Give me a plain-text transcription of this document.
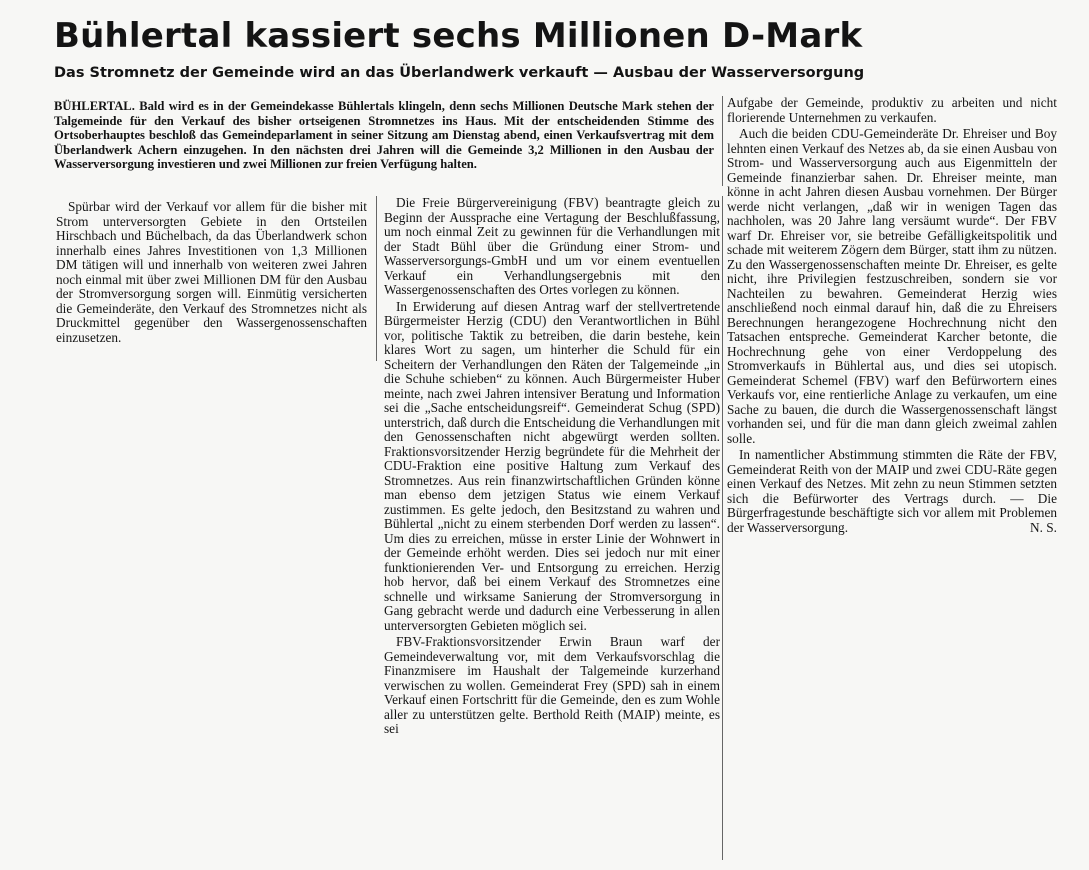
Bühlertal kassiert sechs Millionen D-Mark
Das Stromnetz der Gemeinde wird an das Überlandwerk verkauft — Ausbau der Wasserversorgung

BÜHLERTAL. Bald wird es in der Gemeindekasse Bühlertals klingeln, denn sechs Millionen Deutsche Mark stehen der Talgemeinde für den Verkauf des bisher ortseigenen Stromnetzes ins Haus. Mit der entscheidenden Stimme des Ortsoberhauptes beschloß das Gemeindeparlament in seiner Sitzung am Dienstag abend, einen Verkaufsvertrag mit dem Überlandwerk Achern einzugehen. In den nächsten drei Jahren will die Gemeinde 3,2 Millionen in den Ausbau der Wasserversorgung investieren und zwei Millionen zur freien Verfügung halten.

Spürbar wird der Verkauf vor allem für die bisher mit Strom unterversorgten Gebiete in den Ortsteilen Hirschbach und Büchelbach, da das Überlandwerk schon innerhalb eines Jahres Investitionen von 1,3 Millionen DM tätigen will und innerhalb von weiteren zwei Jahren noch einmal mit über zwei Millionen DM für den Ausbau der Stromversorgung sorgen will. Einmütig versicherten die Gemeinderäte, den Verkauf des Stromnetzes nicht als Druckmittel gegenüber den Wassergenossenschaften einzusetzen.

Die Freie Bürgervereinigung (FBV) beantragte gleich zu Beginn der Aussprache eine Vertagung der Beschlußfassung, um noch einmal Zeit zu gewinnen für die Verhandlungen mit der Stadt Bühl über die Gründung einer Strom- und Wasserversorgungs-GmbH und um vor einem eventuellen Verkauf ein Verhandlungsergebnis mit den Wassergenossenschaften des Ortes vorlegen zu können.

In Erwiderung auf diesen Antrag warf der stellvertretende Bürgermeister Herzig (CDU) den Verantwortlichen in Bühl vor, politische Taktik zu betreiben, die darin bestehe, kein klares Wort zu sagen, um hinterher die Schuld für ein Scheitern der Verhandlungen den Räten der Talgemeinde „in die Schuhe schieben“ zu können. Auch Bürgermeister Huber meinte, nach zwei Jahren intensiver Beratung und Information sei die „Sache entscheidungsreif“. Gemeinderat Schug (SPD) unterstrich, daß durch die Entscheidung die Verhandlungen mit den Genossenschaften nicht abgewürgt werden sollten. Fraktionsvorsitzender Herzig begründete für die Mehrheit der CDU-Fraktion eine positive Haltung zum Verkauf des Stromnetzes. Aus rein finanzwirtschaftlichen Gründen könne man ebenso dem jetzigen Status wie einem Verkauf zustimmen. Es gelte jedoch, den Besitzstand zu wahren und Bühlertal „nicht zu einem sterbenden Dorf werden zu lassen“. Um dies zu erreichen, müsse in erster Linie der Wohnwert in der Gemeinde erhöht werden. Dies sei jedoch nur mit einer funktionierenden Ver- und Entsorgung zu erreichen. Herzig hob hervor, daß bei einem Verkauf des Stromnetzes eine schnelle und wirksame Sanierung der Stromversorgung in Gang gebracht werde und dadurch eine Verbesserung in allen unterversorgten Gebieten möglich sei.

FBV-Fraktionsvorsitzender Erwin Braun warf der Gemeindeverwaltung vor, mit dem Verkaufsvorschlag die Finanzmisere im Haushalt der Talgemeinde kurzerhand verwischen zu wollen. Gemeinderat Frey (SPD) sah in einem Verkauf einen Fortschritt für die Gemeinde, den es zum Wohle aller zu unterstützen gelte. Berthold Reith (MAIP) meinte, es sei

Aufgabe der Gemeinde, produktiv zu arbeiten und nicht florierende Unternehmen zu verkaufen.

Auch die beiden CDU-Gemeinderäte Dr. Ehreiser und Boy lehnten einen Verkauf des Netzes ab, da sie einen Ausbau von Strom- und Wasserversorgung auch aus Eigenmitteln der Gemeinde finanzierbar sahen. Dr. Ehreiser meinte, man könne in acht Jahren diesen Ausbau vornehmen. Der Bürger werde nicht verlangen, „daß wir in wenigen Tagen das nachholen, was 20 Jahre lang versäumt wurde“. Der FBV warf Dr. Ehreiser vor, sie betreibe Gefälligkeitspolitik und schade mit weiterem Zögern dem Bürger, statt ihm zu nützen. Zu den Wassergenossenschaften meinte Dr. Ehreiser, es gelte nicht, ihre Privilegien festzuschreiben, sondern sie vor Nachteilen zu bewahren. Gemeinderat Herzig wies anschließend noch einmal darauf hin, daß die zu Ehreisers Berechnungen herangezogene Hochrechnung nicht den Tatsachen entspreche. Gemeinderat Karcher betonte, die Hochrechnung gehe von einer Verdoppelung des Stromverkaufs in Bühlertal aus, und dies sei utopisch. Gemeinderat Schemel (FBV) warf den Befürwortern eines Verkaufs vor, eine rentierliche Anlage zu verkaufen, um eine Sache zu bauen, die durch die Wassergenossenschaft längst vorhanden sei, und für die man dann gleich zweimal zahlen solle.

In namentlicher Abstimmung stimmten die Räte der FBV, Gemeinderat Reith von der MAIP und zwei CDU-Räte gegen einen Verkauf des Netzes. Mit zehn zu neun Stimmen setzten sich die Befürworter des Vertrags durch. — Die Bürgerfragestunde beschäftigte sich vor allem mit Problemen der Wasserversorgung.	N. S.
